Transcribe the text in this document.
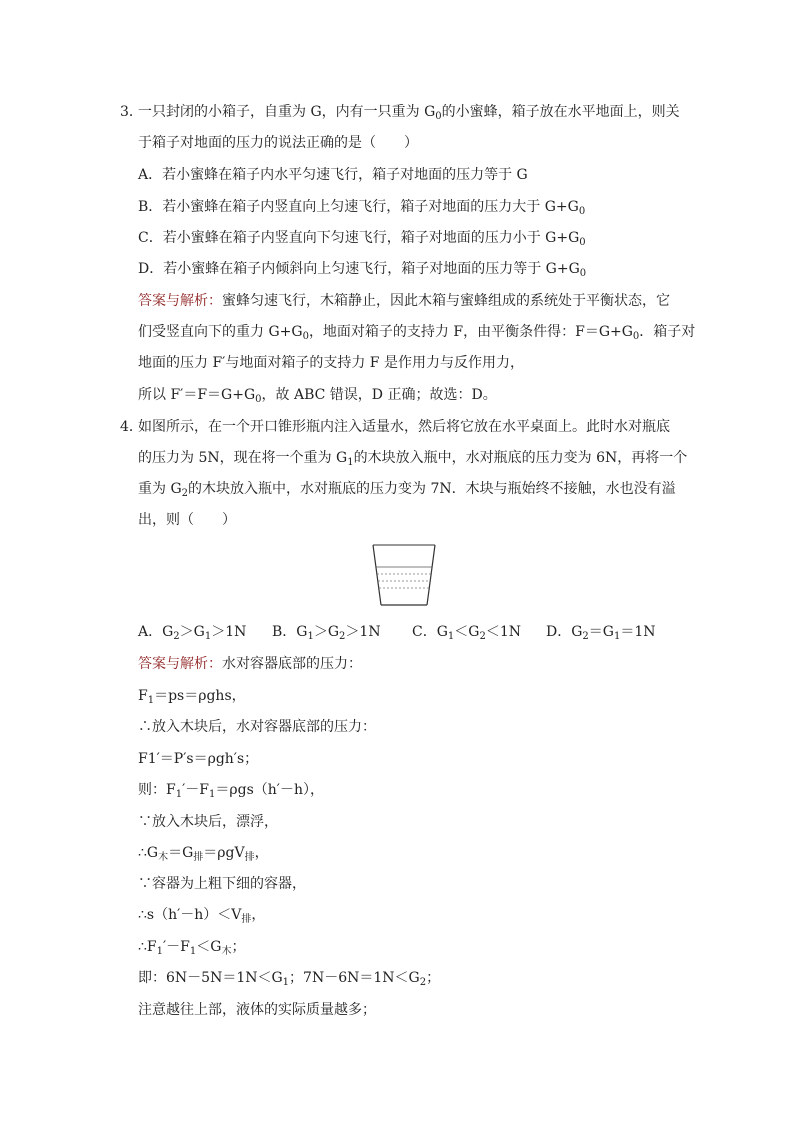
3．
一只封闭的小箱子，自重为 G，内有一只重为 $G_0$的小蜜蜂，箱子放在水平地面上，则关
于箱子对地面的压力的说法正确的是（　　）
A．若小蜜蜂在箱子内水平匀速飞行，箱子对地面的压力等于 G
B．若小蜜蜂在箱子内竖直向上匀速飞行，箱子对地面的压力大于 $G+G_0$
C．若小蜜蜂在箱子内竖直向下匀速飞行，箱子对地面的压力小于 $G+G_0$
D．若小蜜蜂在箱子内倾斜向上匀速飞行，箱子对地面的压力等于 $G+G_0$
答案与解析：蜜蜂匀速飞行，木箱静止，因此木箱与蜜蜂组成的系统处于平衡状态，它
们受竖直向下的重力 $G+G_0$，地面对箱子的支持力 F，由平衡条件得：$F=G+G_0$．箱子对
地面的压力 F′与地面对箱子的支持力 F 是作用力与反作用力，
所以 $F'=F=G+G_0$，故 ABC 错误，D 正确；故选：D。
4．
如图所示，在一个开口锥形瓶内注入适量水，然后将它放在水平桌面上。此时水对瓶底
的压力为 5N，现在将一个重为 $G_1$的木块放入瓶中，水对瓶底的压力变为 6N，再将一个
重为 $G_2$的木块放入瓶中，水对瓶底的压力变为 7N．木块与瓶始终不接触，水也没有溢
出，则（　　）
A．$G_2>G_1>1N$ B．$G_1>G_2>1N$ C．$G_1<G_2<1N$ D．$G_2=G_1=1N$
答案与解析：水对容器底部的压力：
$F_1=ps=\rho ghs$，
∴放入木块后，水对容器底部的压力：
F1′＝P′s＝ρgh′s；
则：$F_1'-F_1=\rho gs(h'-h)$，
∵放入木块后，漂浮，
$\therefore G_木=G_排=\rho gV_排$，
∵容器为上粗下细的容器，
$\therefore s(h'-h)<V_排$，
$\therefore F_1'-F_1<G_木$；
即：$6N-5N=1N<G_1$；$7N-6N=1N<G_2$；
注意越往上部，液体的实际质量越多；
